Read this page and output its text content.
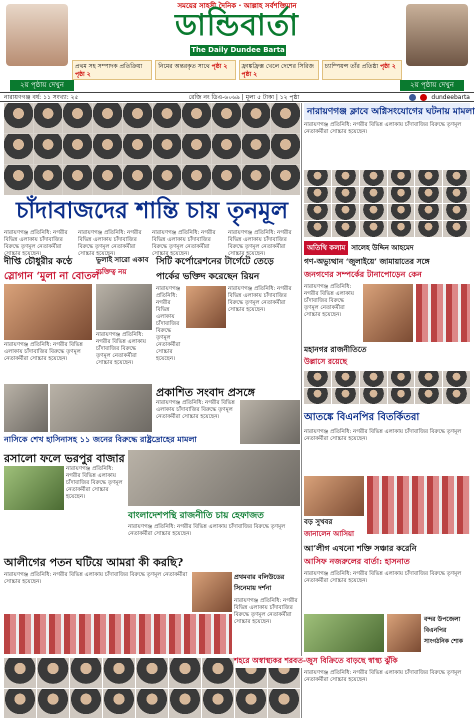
সময়ের সাহসী দৈনিক · আল্লাহ সর্বশক্তিমান
ডান্ডিবার্তা
The Daily Dundee Barta
প্রথম সহ সম্পাদক প্রতিক্রিয়া পৃষ্ঠা ২
নিমের অন্তরকৃত সাথে পৃষ্ঠা ২	ফ্রাঙ্কফ্রিক্স খেলে দেশের সিরিজ পৃষ্ঠা ২
চ্যাম্পিয়ন্স তাঁর প্রতিষ্ঠা পৃষ্ঠা ২
২য় পৃষ্ঠায় দেখুন	২য় পৃষ্ঠায় দেখুন
নারায়ণগঞ্জ বর্ষ: ১১ সংখ্যা: ২৫	রেজি নং ডিএ-৬০৬৯ | মূল্য ৫ টাকা | ১২ পৃষ্ঠা	dundeebarta
চাঁদাবাজদের শান্তি চায় তৃনমূল
নারায়ণগঞ্জ প্রতিনিধি: নগরীর বিভিন্ন এলাকায় চাঁদাবাজির বিরুদ্ধে তৃণমূল নেতাকর্মীরা সোচ্চার হয়েছেন।
নারায়ণগঞ্জ প্রতিনিধি: নগরীর বিভিন্ন এলাকায় চাঁদাবাজির বিরুদ্ধে তৃণমূল নেতাকর্মীরা সোচ্চার হয়েছেন।
নারায়ণগঞ্জ প্রতিনিধি: নগরীর বিভিন্ন এলাকায় চাঁদাবাজির বিরুদ্ধে তৃণমূল নেতাকর্মীরা সোচ্চার হয়েছেন।
নারায়ণগঞ্জ প্রতিনিধি: নগরীর বিভিন্ন এলাকায় চাঁদাবাজির বিরুদ্ধে তৃণমূল নেতাকর্মীরা সোচ্চার হয়েছেন।
দীপ্তি চৌধুরীর কণ্ঠে
স্লোগান ‘মুলা না বোতল’
নারায়ণগঞ্জ প্রতিনিধি: নগরীর বিভিন্ন এলাকায় চাঁদাবাজির বিরুদ্ধে তৃণমূল নেতাকর্মীরা সোচ্চার হয়েছেন।
ভুলাই সারো একাব
ব্যক্তিত্ব নয়
নারায়ণগঞ্জ প্রতিনিধি: নগরীর বিভিন্ন এলাকায় চাঁদাবাজির বিরুদ্ধে তৃণমূল নেতাকর্মীরা সোচ্চার হয়েছেন।
সিটি কর্পোরেশনের টার্গেটে তেড়ে
পার্কের ভক্তিদ করেছেন রিয়ন
নারায়ণগঞ্জ প্রতিনিধি: নগরীর বিভিন্ন এলাকায় চাঁদাবাজির বিরুদ্ধে তৃণমূল নেতাকর্মীরা সোচ্চার হয়েছেন।
নারায়ণগঞ্জ প্রতিনিধি: নগরীর বিভিন্ন এলাকায় চাঁদাবাজির বিরুদ্ধে তৃণমূল নেতাকর্মীরা সোচ্চার হয়েছেন।
প্রকাশিত সংবাদ প্রসঙ্গে
নারায়ণগঞ্জ প্রতিনিধি: নগরীর বিভিন্ন এলাকায় চাঁদাবাজির বিরুদ্ধে তৃণমূল নেতাকর্মীরা সোচ্চার হয়েছেন।
নাসিকে শেখ হাসিনাসহ ১১ জনের বিরুদ্ধে রাষ্ট্রদ্রোহের মামলা
রসালো ফলে ভরপুর বাজার
নারায়ণগঞ্জ প্রতিনিধি: নগরীর বিভিন্ন এলাকায় চাঁদাবাজির বিরুদ্ধে তৃণমূল নেতাকর্মীরা সোচ্চার হয়েছেন।
বাংলাদেশপন্থি রাজনীতি চায় হেফাজত
নারায়ণগঞ্জ প্রতিনিধি: নগরীর বিভিন্ন এলাকায় চাঁদাবাজির বিরুদ্ধে তৃণমূল নেতাকর্মীরা সোচ্চার হয়েছেন।
আলীগের পতন ঘটিয়ে আমরা কী করছি?
নারায়ণগঞ্জ প্রতিনিধি: নগরীর বিভিন্ন এলাকায় চাঁদাবাজির বিরুদ্ধে তৃণমূল নেতাকর্মীরা সোচ্চার হয়েছেন।
প্রথমবার বলিউডের সিনেমায় দর্শনা
নারায়ণগঞ্জ প্রতিনিধি: নগরীর বিভিন্ন এলাকায় চাঁদাবাজির বিরুদ্ধে তৃণমূল নেতাকর্মীরা সোচ্চার হয়েছেন।
নারায়ণগঞ্জ ক্লাবে অগ্নিসংযোগের ঘটনায় মামলা
নারায়ণগঞ্জ প্রতিনিধি: নগরীর বিভিন্ন এলাকায় চাঁদাবাজির বিরুদ্ধে তৃণমূল নেতাকর্মীরা সোচ্চার হয়েছেন।
অতিথি কলাম সালেহ উদ্দিন আহমেদ
গণ-অভ্যুত্থান ‘জুলাইয়ে’ জামায়াতের সঙ্গে
জনগণের সম্পর্কের টানাপোড়েন কেন
নারায়ণগঞ্জ প্রতিনিধি: নগরীর বিভিন্ন এলাকায় চাঁদাবাজির বিরুদ্ধে তৃণমূল নেতাকর্মীরা সোচ্চার হয়েছেন।
মহানগর রাজনীতিতে
উল্লাসে রয়েছে
আতঙ্কে বিএনপির বিতর্কিতরা
নারায়ণগঞ্জ প্রতিনিধি: নগরীর বিভিন্ন এলাকায় চাঁদাবাজির বিরুদ্ধে তৃণমূল নেতাকর্মীরা সোচ্চার হয়েছেন।
বড় সুখবর
জানালেন আসিয়া
আ’লীগ এখনো শক্তি সঞ্চার করেনি
আসিফ নজরুলের বার্তা: হাসনাত
নারায়ণগঞ্জ প্রতিনিধি: নগরীর বিভিন্ন এলাকায় চাঁদাবাজির বিরুদ্ধে তৃণমূল নেতাকর্মীরা সোচ্চার হয়েছেন।
বন্দর উপজেলা বিএনপির সাংগঠনিক শোক
শহরে অস্বাস্থ্যকর শরবত-জুস বিক্রিতে বাড়ছে স্বাস্থ্য ঝুঁকি
নারায়ণগঞ্জ প্রতিনিধি: নগরীর বিভিন্ন এলাকায় চাঁদাবাজির বিরুদ্ধে তৃণমূল নেতাকর্মীরা সোচ্চার হয়েছেন।
